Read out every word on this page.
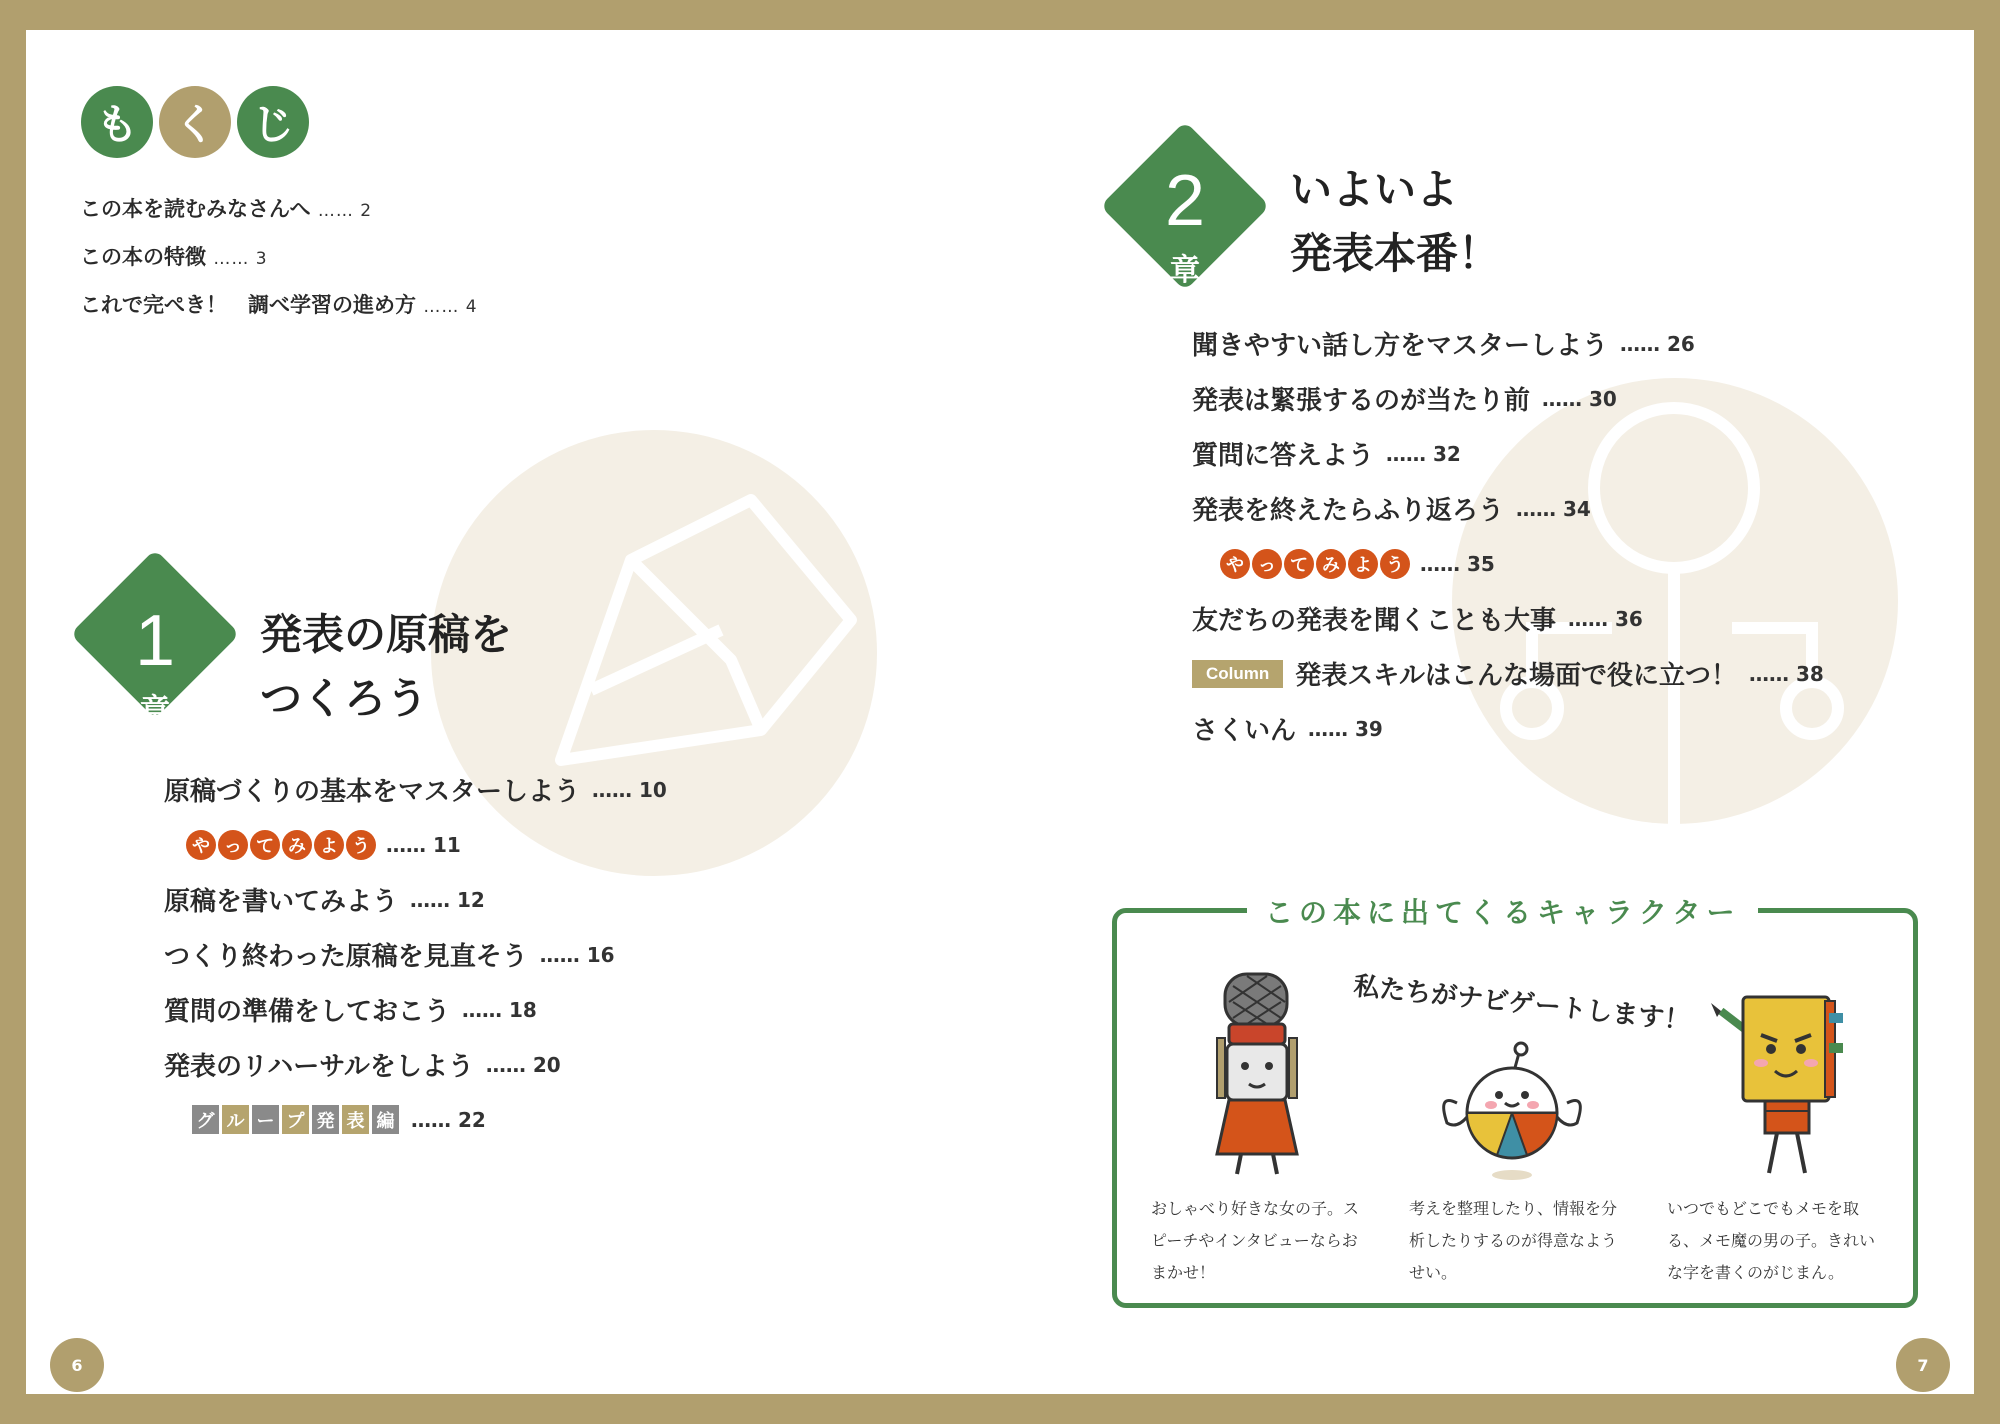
も く じ
この本を読むみなさんへ …… 2
この本の特徴 …… 3
これで完ぺき！　調べ学習の進め方 …… 4
1
章
発表の原稿を
つくろう
原稿づくりの基本をマスターしよう …… 10
や っ て み よ う …… 11
原稿を書いてみよう …… 12
つくり終わった原稿を見直そう …… 16
質問の準備をしておこう …… 18
発表のリハーサルをしよう …… 20
グ ル ー プ 発 表 編 …… 22
6
2
章
いよいよ
発表本番！
聞きやすい話し方をマスターしよう …… 26
発表は緊張するのが当たり前 …… 30
質問に答えよう …… 32
発表を終えたらふり返ろう …… 34
や っ て み よ う …… 35
友だちの発表を聞くことも大事 …… 36
Column	発表スキルはこんな場面で役に立つ！ …… 38
さくいん …… 39
この本に出てくるキャラクター
私たちがナビゲートします！
おしゃべり好きな女の子。スピーチやインタビューならおまかせ！
考えを整理したり、情報を分析したりするのが得意なようせい。
いつでもどこでもメモを取る、メモ魔の男の子。きれいな字を書くのがじまん。
7
